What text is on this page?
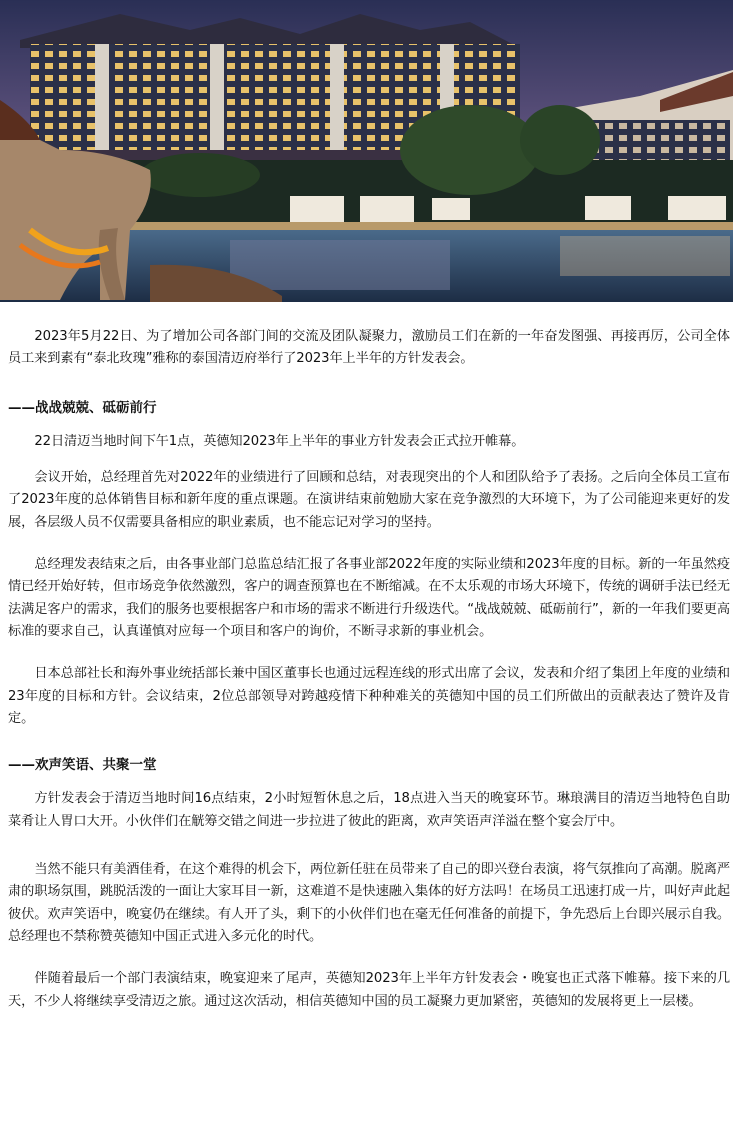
2023年5月22日、为了增加公司各部门间的交流及团队凝聚力，激励员工们在新的一年奋发图强、再接再厉，公司全体员工来到素有“泰北玫瑰”雅称的泰国清迈府举行了2023年上半年的方针发表会。

——战战兢兢、砥砺前行

22日清迈当地时间下午1点，英德知2023年上半年的事业方针发表会正式拉开帷幕。

会议开始，总经理首先对2022年的业绩进行了回顾和总结，对表现突出的个人和团队给予了表扬。之后向全体员工宣布了2023年度的总体销售目标和新年度的重点课题。在演讲结束前勉励大家在竞争激烈的大环境下，为了公司能迎来更好的发展，各层级人员不仅需要具备相应的职业素质，也不能忘记对学习的坚持。

总经理发表结束之后，由各事业部门总监总结汇报了各事业部2022年度的实际业绩和2023年度的目标。新的一年虽然疫情已经开始好转，但市场竞争依然激烈，客户的调查预算也在不断缩减。在不太乐观的市场大环境下，传统的调研手法已经无法满足客户的需求，我们的服务也要根据客户和市场的需求不断进行升级迭代。“战战兢兢、砥砺前行”，新的一年我们要更高标准的要求自己，认真谨慎对应每一个项目和客户的询价，不断寻求新的事业机会。

日本总部社长和海外事业统括部长兼中国区董事长也通过远程连线的形式出席了会议，发表和介绍了集团上年度的业绩和23年度的目标和方针。会议结束，2位总部领导对跨越疫情下种种难关的英德知中国的员工们所做出的贡献表达了赞许及肯定。

——欢声笑语、共聚一堂

方针发表会于清迈当地时间16点结束，2小时短暂休息之后，18点进入当天的晚宴环节。琳琅满目的清迈当地特色自助菜肴让人胃口大开。小伙伴们在觥筹交错之间进一步拉进了彼此的距离，欢声笑语声洋溢在整个宴会厅中。

当然不能只有美酒佳肴，在这个难得的机会下，两位新任驻在员带来了自己的即兴登台表演，将气氛推向了高潮。脱离严肃的职场氛围，跳脱活泼的一面让大家耳目一新，这难道不是快速融入集体的好方法吗！在场员工迅速打成一片，叫好声此起彼伏。欢声笑语中，晚宴仍在继续。有人开了头，剩下的小伙伴们也在毫无任何准备的前提下，争先恐后上台即兴展示自我。总经理也不禁称赞英德知中国正式进入多元化的时代。

伴随着最后一个部门表演结束，晚宴迎来了尾声，英德知2023年上半年方针发表会・晚宴也正式落下帷幕。接下来的几天，不少人将继续享受清迈之旅。通过这次活动，相信英德知中国的员工凝聚力更加紧密，英德知的发展将更上一层楼。
